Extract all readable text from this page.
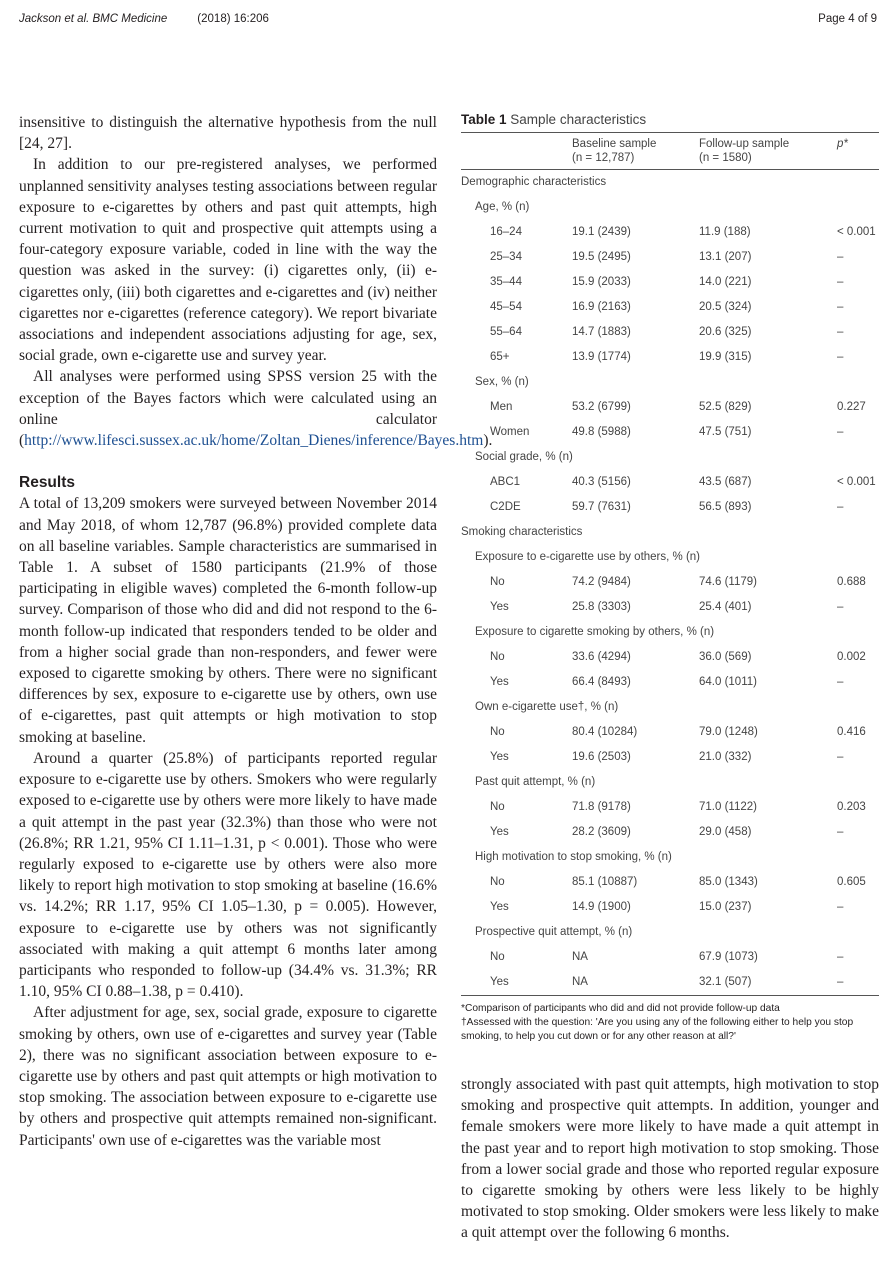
Jackson et al. BMC Medicine	(2018) 16:206	Page 4 of 9

insensitive to distinguish the alternative hypothesis from the null [24, 27].

In addition to our pre-registered analyses, we performed unplanned sensitivity analyses testing associations between regular exposure to e-cigarettes by others and past quit attempts, high current motivation to quit and prospective quit attempts using a four-category exposure variable, coded in line with the way the question was asked in the survey: (i) cigarettes only, (ii) e-cigarettes only, (iii) both cigarettes and e-cigarettes and (iv) neither cigarettes nor e-cigarettes (reference category). We report bivariate associations and independent associations adjusting for age, sex, social grade, own e-cigarette use and survey year.

All analyses were performed using SPSS version 25 with the exception of the Bayes factors which were calculated using an online calculator (http://www.lifesci.sussex.ac.uk/home/Zoltan_Dienes/inference/Bayes.htm).

Results

A total of 13,209 smokers were surveyed between November 2014 and May 2018, of whom 12,787 (96.8%) provided complete data on all baseline variables. Sample characteristics are summarised in Table 1. A subset of 1580 participants (21.9% of those participating in eligible waves) completed the 6-month follow-up survey. Comparison of those who did and did not respond to the 6-month follow-up indicated that responders tended to be older and from a higher social grade than non-responders, and fewer were exposed to cigarette smoking by others. There were no significant differences by sex, exposure to e-cigarette use by others, own use of e-cigarettes, past quit attempts or high motivation to stop smoking at baseline.

Around a quarter (25.8%) of participants reported regular exposure to e-cigarette use by others. Smokers who were regularly exposed to e-cigarette use by others were more likely to have made a quit attempt in the past year (32.3%) than those who were not (26.8%; RR 1.21, 95% CI 1.11–1.31, p < 0.001). Those who were regularly exposed to e-cigarette use by others were also more likely to report high motivation to stop smoking at baseline (16.6% vs. 14.2%; RR 1.17, 95% CI 1.05–1.30, p = 0.005). However, exposure to e-cigarette use by others was not significantly associated with making a quit attempt 6 months later among participants who responded to follow-up (34.4% vs. 31.3%; RR 1.10, 95% CI 0.88–1.38, p = 0.410).

After adjustment for age, sex, social grade, exposure to cigarette smoking by others, own use of e-cigarettes and survey year (Table 2), there was no significant association between exposure to e-cigarette use by others and past quit attempts or high motivation to stop smoking. The association between exposure to e-cigarette use by others and prospective quit attempts remained non-significant. Participants' own use of e-cigarettes was the variable most

Table 1 Sample characteristics
Baseline sample
(n = 12,787)
Follow-up sample
(n = 1580)
p*
Demographic characteristics
Age, % (n)
16–24	19.1 (2439)	11.9 (188)	< 0.001
25–34	19.5 (2495)	13.1 (207)	–
35–44	15.9 (2033)	14.0 (221)	–
45–54	16.9 (2163)	20.5 (324)	–
55–64	14.7 (1883)	20.6 (325)	–
65+	13.9 (1774)	19.9 (315)	–
Sex, % (n)
Men	53.2 (6799)	52.5 (829)	0.227
Women	49.8 (5988)	47.5 (751)	–
Social grade, % (n)
ABC1	40.3 (5156)	43.5 (687)	< 0.001
C2DE	59.7 (7631)	56.5 (893)	–
Smoking characteristics
Exposure to e-cigarette use by others, % (n)
No	74.2 (9484)	74.6 (1179)	0.688
Yes	25.8 (3303)	25.4 (401)	–
Exposure to cigarette smoking by others, % (n)
No	33.6 (4294)	36.0 (569)	0.002
Yes	66.4 (8493)	64.0 (1011)	–
Own e-cigarette use†, % (n)
No	80.4 (10284)	79.0 (1248)	0.416
Yes	19.6 (2503)	21.0 (332)	–
Past quit attempt, % (n)
No	71.8 (9178)	71.0 (1122)	0.203
Yes	28.2 (3609)	29.0 (458)	–
High motivation to stop smoking, % (n)
No	85.1 (10887)	85.0 (1343)	0.605
Yes	14.9 (1900)	15.0 (237)	–
Prospective quit attempt, % (n)
No	NA	67.9 (1073)	–
Yes	NA	32.1 (507)	–
*Comparison of participants who did and did not provide follow-up data
†Assessed with the question: 'Are you using any of the following either to help you stop smoking, to help you cut down or for any other reason at all?'

strongly associated with past quit attempts, high motivation to stop smoking and prospective quit attempts. In addition, younger and female smokers were more likely to have made a quit attempt in the past year and to report high motivation to stop smoking. Those from a lower social grade and those who reported regular exposure to cigarette smoking by others were less likely to be highly motivated to stop smoking. Older smokers were less likely to make a quit attempt over the following 6 months.
